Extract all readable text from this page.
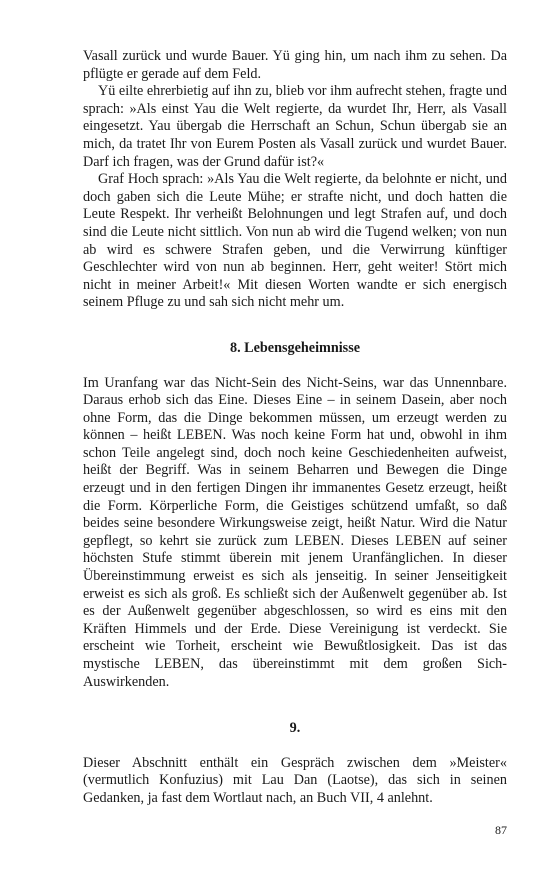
Vasall zurück und wurde Bauer. Yü ging hin, um nach ihm zu sehen. Da pflügte er gerade auf dem Feld.

Yü eilte ehrerbietig auf ihn zu, blieb vor ihm aufrecht stehen, fragte und sprach: »Als einst Yau die Welt regierte, da wurdet Ihr, Herr, als Vasall eingesetzt. Yau übergab die Herrschaft an Schun, Schun übergab sie an mich, da tratet Ihr von Eurem Posten als Vasall zurück und wurdet Bauer. Darf ich fragen, was der Grund dafür ist?«

Graf Hoch sprach: »Als Yau die Welt regierte, da belohnte er nicht, und doch gaben sich die Leute Mühe; er strafte nicht, und doch hatten die Leute Respekt. Ihr verheißt Belohnungen und legt Strafen auf, und doch sind die Leute nicht sittlich. Von nun ab wird die Tugend welken; von nun ab wird es schwere Strafen geben, und die Verwirrung künftiger Geschlechter wird von nun ab beginnen. Herr, geht weiter! Stört mich nicht in meiner Arbeit!« Mit diesen Worten wandte er sich energisch seinem Pfluge zu und sah sich nicht mehr um.

8. Lebensgeheimnisse

Im Uranfang war das Nicht-Sein des Nicht-Seins, war das Unnennbare. Daraus erhob sich das Eine. Dieses Eine – in seinem Dasein, aber noch ohne Form, das die Dinge bekommen müssen, um erzeugt werden zu können – heißt LEBEN. Was noch keine Form hat und, obwohl in ihm schon Teile angelegt sind, doch noch keine Geschiedenheiten aufweist, heißt der Begriff. Was in seinem Beharren und Bewegen die Dinge erzeugt und in den fertigen Dingen ihr immanentes Gesetz erzeugt, heißt die Form. Körperliche Form, die Geistiges schützend umfaßt, so daß beides seine besondere Wirkungsweise zeigt, heißt Natur. Wird die Natur gepflegt, so kehrt sie zurück zum LEBEN. Dieses LEBEN auf seiner höchsten Stufe stimmt überein mit jenem Uranfänglichen. In dieser Übereinstimmung erweist es sich als jenseitig. In seiner Jenseitigkeit erweist es sich als groß. Es schließt sich der Außenwelt gegenüber ab. Ist es der Außenwelt gegenüber abgeschlossen, so wird es eins mit den Kräften Himmels und der Erde. Diese Vereinigung ist verdeckt. Sie erscheint wie Torheit, erscheint wie Bewußtlosigkeit. Das ist das mystische LEBEN, das übereinstimmt mit dem großen Sich-Auswirkenden.

9.

Dieser Abschnitt enthält ein Gespräch zwischen dem »Meister« (vermutlich Konfuzius) mit Lau Dan (Laotse), das sich in seinen Gedanken, ja fast dem Wortlaut nach, an Buch VII, 4 anlehnt.

87
